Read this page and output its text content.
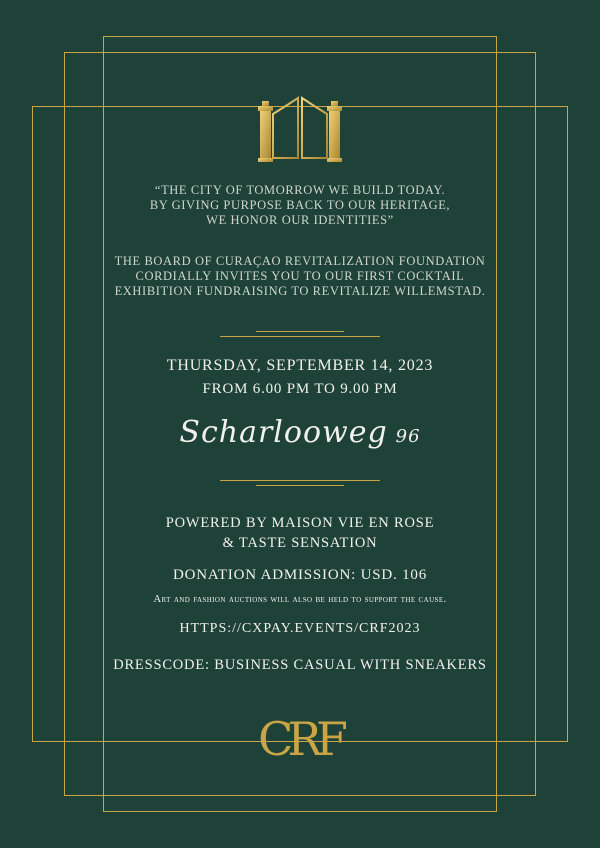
“THE CITY OF TOMORROW WE BUILD TODAY.
BY GIVING PURPOSE BACK TO OUR HERITAGE,
WE HONOR OUR IDENTITIES”
THE BOARD OF CURAÇAO REVITALIZATION FOUNDATION
CORDIALLY INVITES YOU TO OUR FIRST COCKTAIL
EXHIBITION FUNDRAISING TO REVITALIZE WILLEMSTAD.
THURSDAY, SEPTEMBER 14, 2023
FROM 6.00 PM TO 9.00 PM
Scharlooweg 96
POWERED BY MAISON VIE EN ROSE
& TASTE SENSATION
DONATION ADMISSION: USD. 106
Art and fashion auctions will also be held to support the cause.
HTTPS://CXPAY.EVENTS/CRF2023
DRESSCODE: BUSINESS CASUAL WITH SNEAKERS
CRF
